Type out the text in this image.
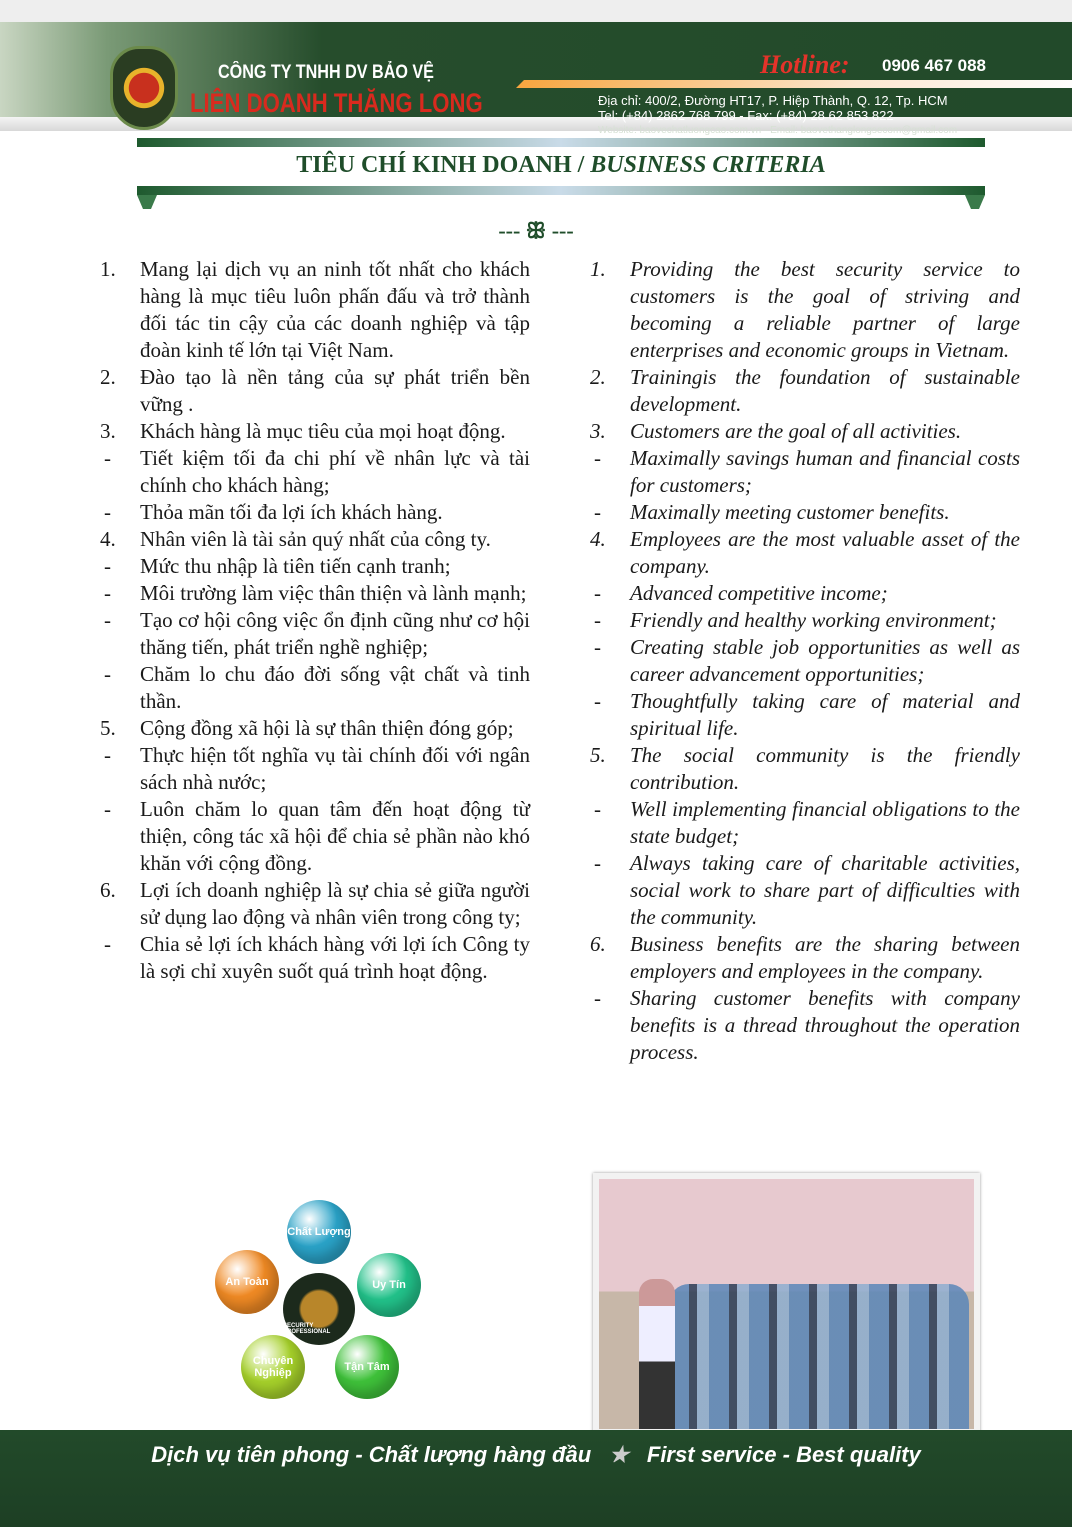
CÔNG TY TNHH DV BẢO VỆ
LIÊN DOANH THĂNG LONG
Hotline: 0906 467 088
Địa chỉ: 400/2, Đường HT17, P. Hiệp Thành, Q. 12, Tp. HCM
Tel: (+84) 2862 768 799 - Fax: (+84) 28 62 853 822
Website: baovechatluongcao.com.vn - Email: baovethanglongsecom@gmail.com
TIÊU CHÍ KINH DOANH / BUSINESS CRITERIA
--- ꕥ ---
1.	Mang lại dịch vụ an ninh tốt nhất cho khách hàng là mục tiêu luôn phấn đấu và trở thành đối tác tin cậy của các doanh nghiệp và tập đoàn kinh tế lớn tại Việt Nam.
2.	Đào tạo là nền tảng của sự phát triển bền vững .
3.	Khách hàng là mục tiêu của mọi hoạt động.
-	Tiết kiệm tối đa chi phí về nhân lực và tài chính cho khách hàng;
-	Thỏa mãn tối đa lợi ích khách hàng.
4.	Nhân viên là tài sản quý nhất của công ty.
-	Mức thu nhập là tiên tiến cạnh tranh;
-	Môi trường làm việc thân thiện và lành mạnh;
-	Tạo cơ hội công việc ổn định cũng như cơ hội thăng tiến, phát triển nghề nghiệp;
-	Chăm lo chu đáo đời sống vật chất và tinh thần.
5.	Cộng đồng xã hội là sự thân thiện đóng góp;
-	Thực hiện tốt nghĩa vụ tài chính đối với ngân sách nhà nước;
-	Luôn chăm lo quan tâm đến hoạt động từ thiện, công tác xã hội để chia sẻ phần nào khó khăn với cộng đồng.
6.	Lợi ích doanh nghiệp là sự chia sẻ giữa người sử dụng lao động và nhân viên trong công ty;
-	Chia sẻ lợi ích khách hàng với lợi ích Công ty là sợi chỉ xuyên suốt quá trình hoạt động.
1.	Providing the best security service to customers is the goal of striving and becoming a reliable partner of large enterprises and economic groups in Vietnam.
2.	Trainingis the foundation of sustainable development.
3.	Customers are the goal of all activities.
-	Maximally savings human and financial costs for customers;
-	Maximally meeting customer benefits.
4.	Employees are the most valuable asset of the company.
-	Advanced competitive income;
-	Friendly and healthy working environment;
-	Creating stable job opportunities as well as career advancement opportunities;
-	Thoughtfully taking care of material and spiritual life.
5.	The social community is the friendly contribution.
-	Well implementing financial obligations to the state budget;
-	Always taking care of charitable activities, social work to share part of difficulties with the community.
6.	Business benefits are the sharing between employers and employees in the company.
-	Sharing customer benefits with company benefits is a thread throughout the operation process.
SECURITY PROFESSIONAL
Chất Lượng
Uy Tín
Tận Tâm
Chuyên Nghiệp
An Toàn
Dịch vụ tiên phong - Chất lượng hàng đầu ★ First service - Best quality
